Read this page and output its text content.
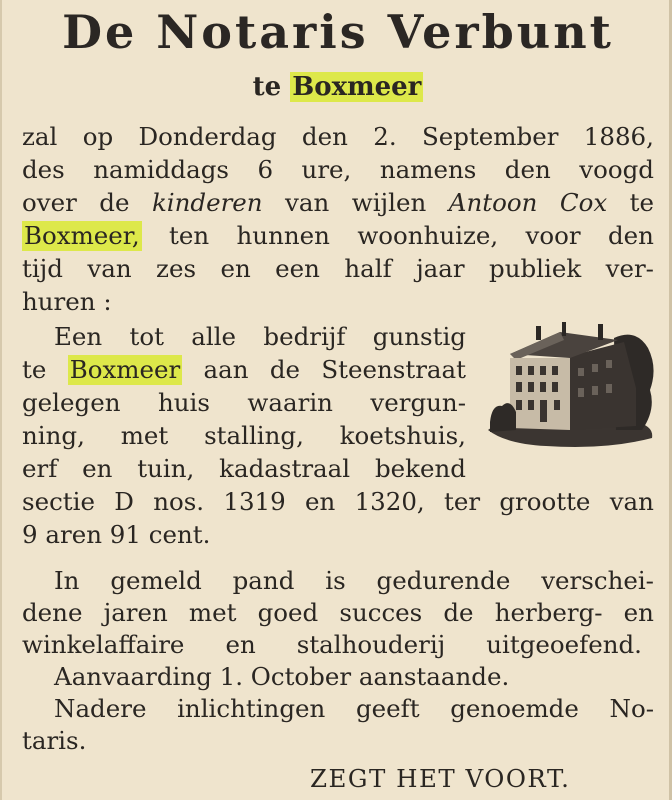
De Notaris Verbunt
te Boxmeer
zal op Donderdag den 2. September 1886,
des namiddags 6 ure, namens den voogd
over de kinderen van wijlen Antoon Cox te
Boxmeer, ten hunnen woonhuize, voor den
tijd van zes en een half jaar publiek ver-
huren :
Een tot alle bedrijf gunstig
te Boxmeer aan de Steenstraat
gelegen huis waarin vergun-
ning, met stalling, koetshuis,
erf en tuin, kadastraal bekend
sectie D nos. 1319 en 1320, ter grootte van
9 aren 91 cent.
In gemeld pand is gedurende verschei-
dene jaren met goed succes de herberg- en
winkelaffaire en stalhouderij uitgeoefend.
Aanvaarding 1. October aanstaande.
Nadere inlichtingen geeft genoemde No-
taris.
ZEGT HET VOORT.
